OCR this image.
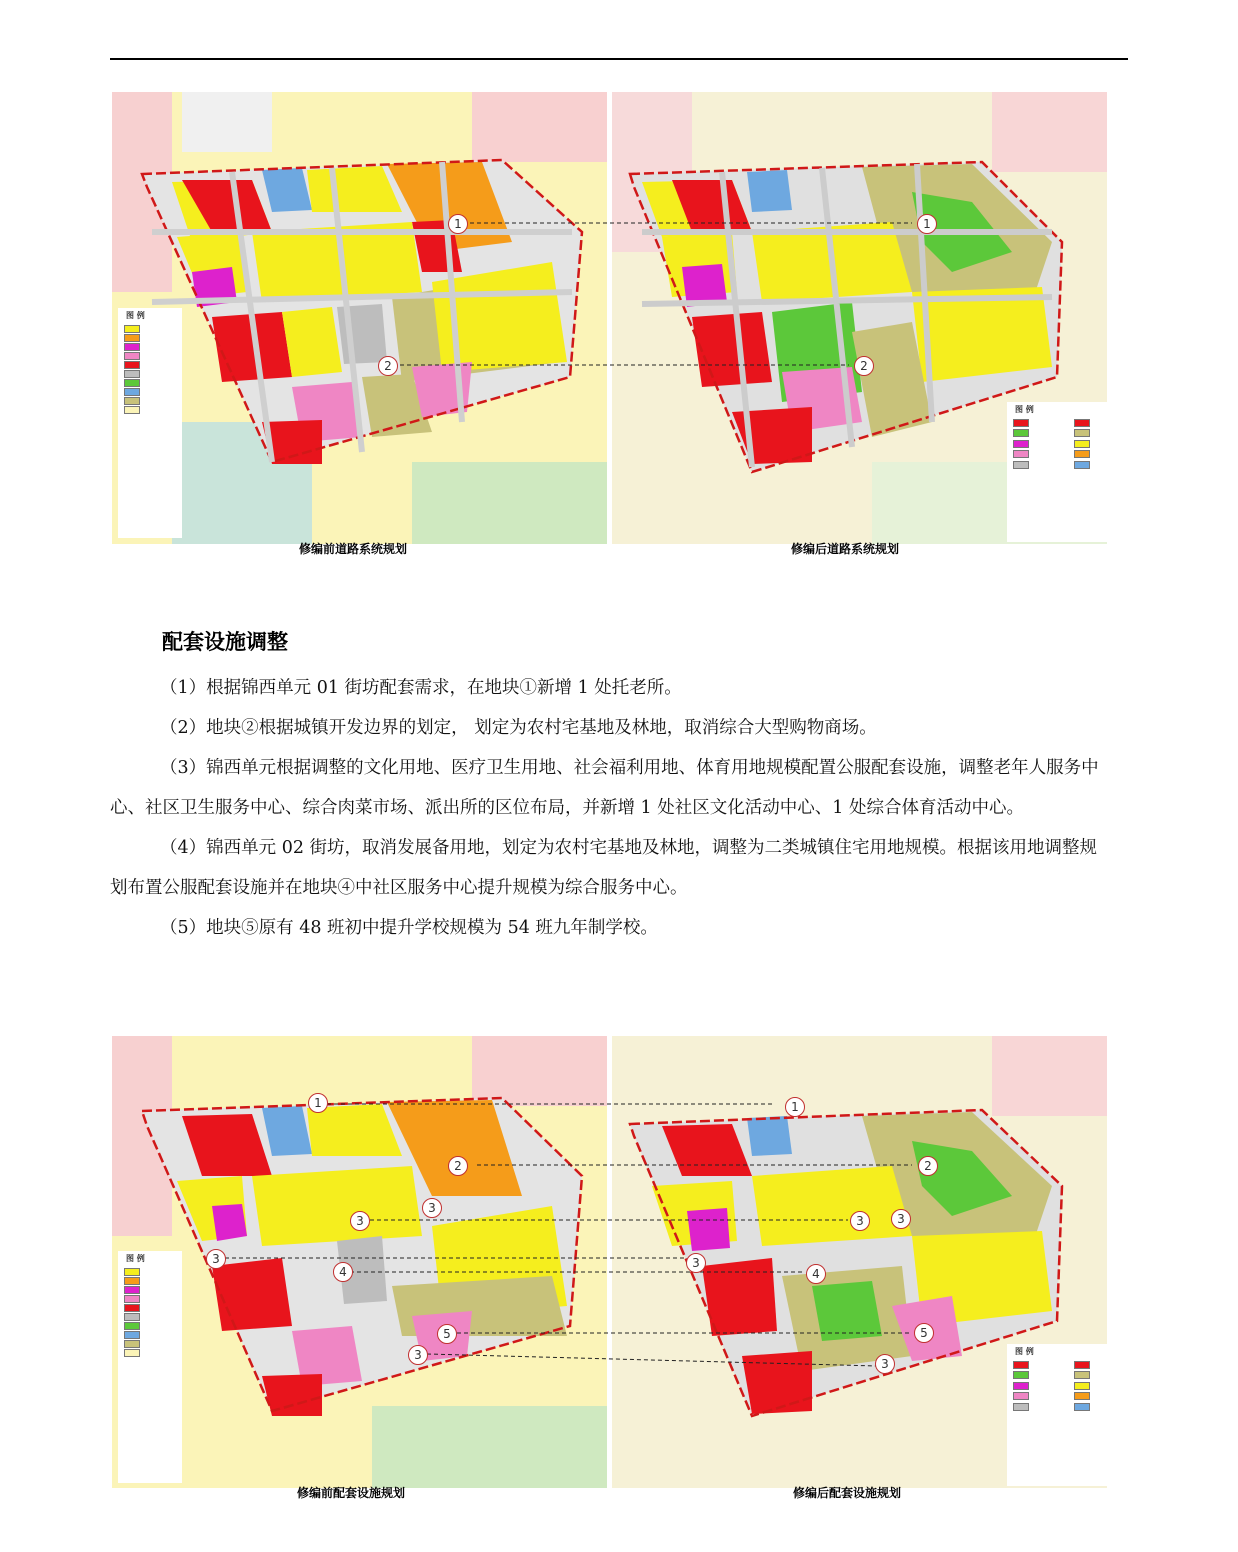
图 例
图 例

1	1
2	2
修编前道路系统规划	修编后道路系统规划
配套设施调整

（1）根据锦西单元 01 街坊配套需求，在地块①新增 1 处托老所。

（2）地块②根据城镇开发边界的划定， 划定为农村宅基地及林地，取消综合大型购物商场。

（3）锦西单元根据调整的文化用地、医疗卫生用地、社会福利用地、体育用地规模配置公服配套设施，调整老年人服务中心、社区卫生服务中心、综合肉菜市场、派出所的区位布局，并新增 1 处社区文化活动中心、1 处综合体育活动中心。

（4）锦西单元 02 街坊，取消发展备用地，划定为农村宅基地及林地，调整为二类城镇住宅用地规模。根据该用地调整规划布置公服配套设施并在地块④中社区服务中心提升规模为综合服务中心。

（5）地块⑤原有 48 班初中提升学校规模为 54 班九年制学校。

图 例
图 例

1	1
2	2
3
3	3	3
3	3
4	4
5	5
3
3
修编前配套设施规划	修编后配套设施规划
